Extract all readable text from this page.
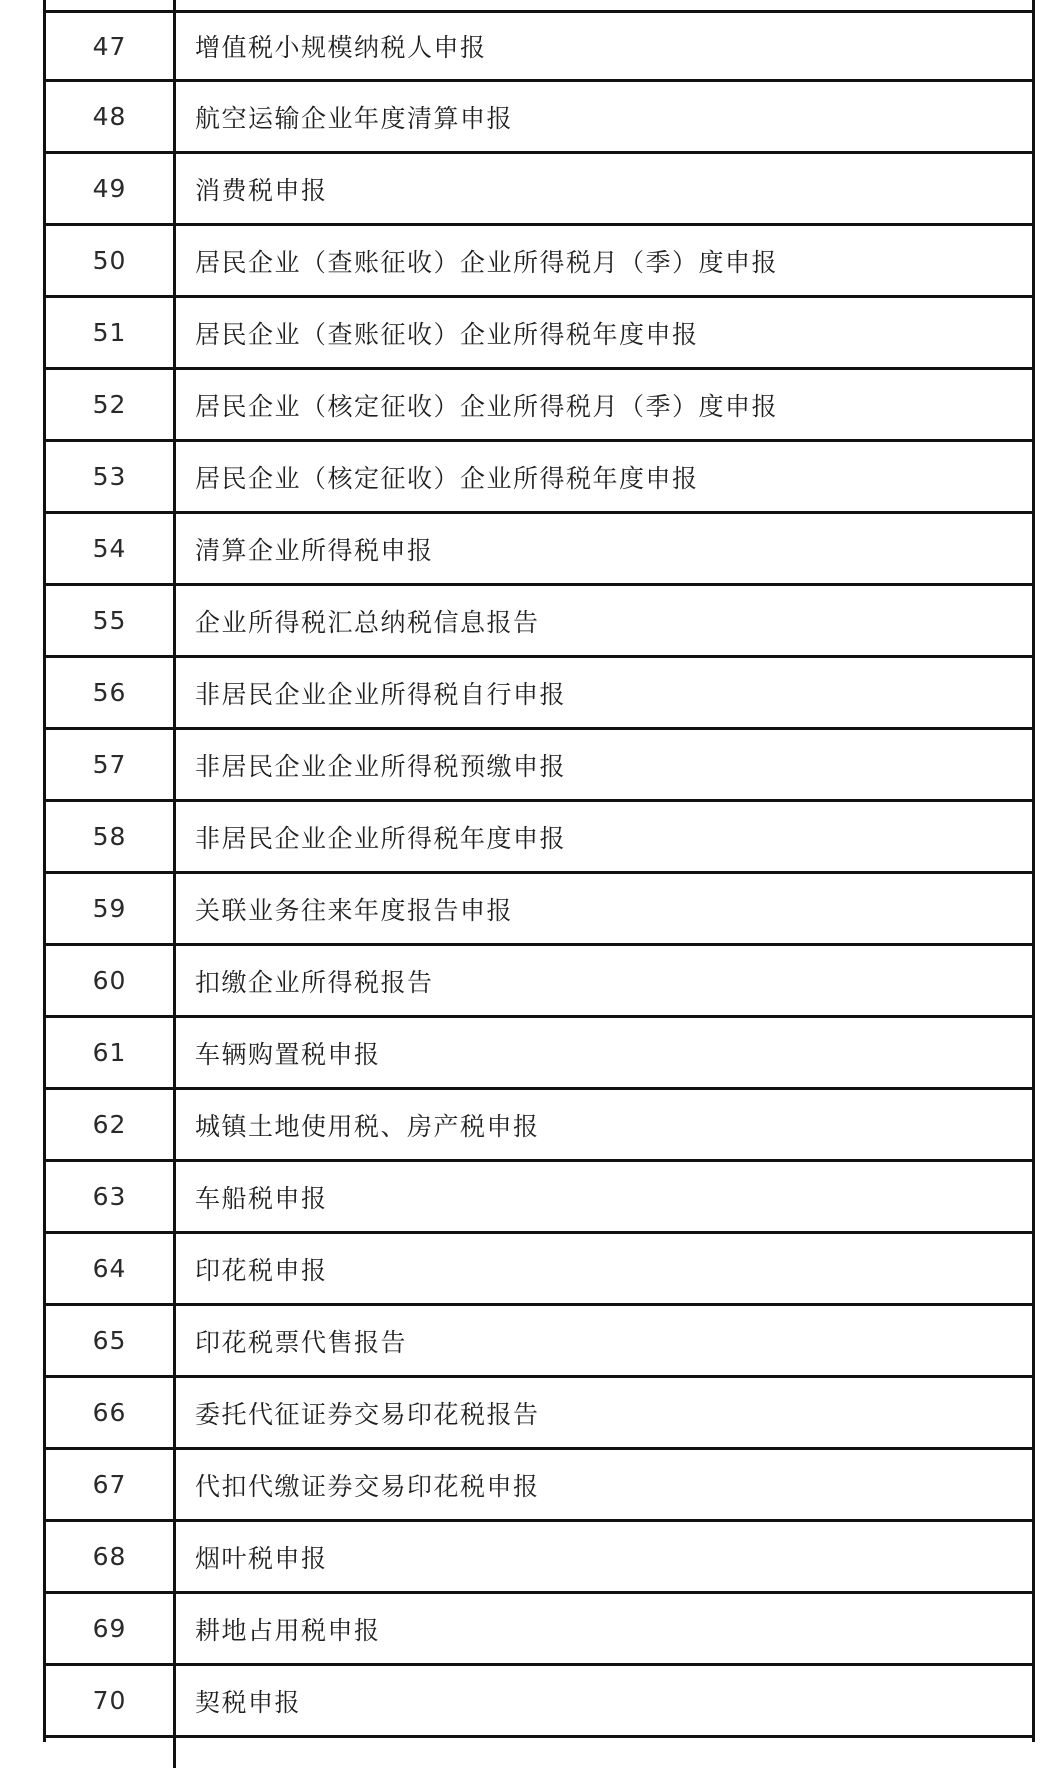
47	增值税小规模纳税人申报
48	航空运输企业年度清算申报
49	消费税申报
50	居民企业（查账征收）企业所得税月（季）度申报
51	居民企业（查账征收）企业所得税年度申报
52	居民企业（核定征收）企业所得税月（季）度申报
53	居民企业（核定征收）企业所得税年度申报
54	清算企业所得税申报
55	企业所得税汇总纳税信息报告
56	非居民企业企业所得税自行申报
57	非居民企业企业所得税预缴申报
58	非居民企业企业所得税年度申报
59	关联业务往来年度报告申报
60	扣缴企业所得税报告
61	车辆购置税申报
62	城镇土地使用税、房产税申报
63	车船税申报
64	印花税申报
65	印花税票代售报告
66	委托代征证券交易印花税报告
67	代扣代缴证券交易印花税申报
68	烟叶税申报
69	耕地占用税申报
70	契税申报
